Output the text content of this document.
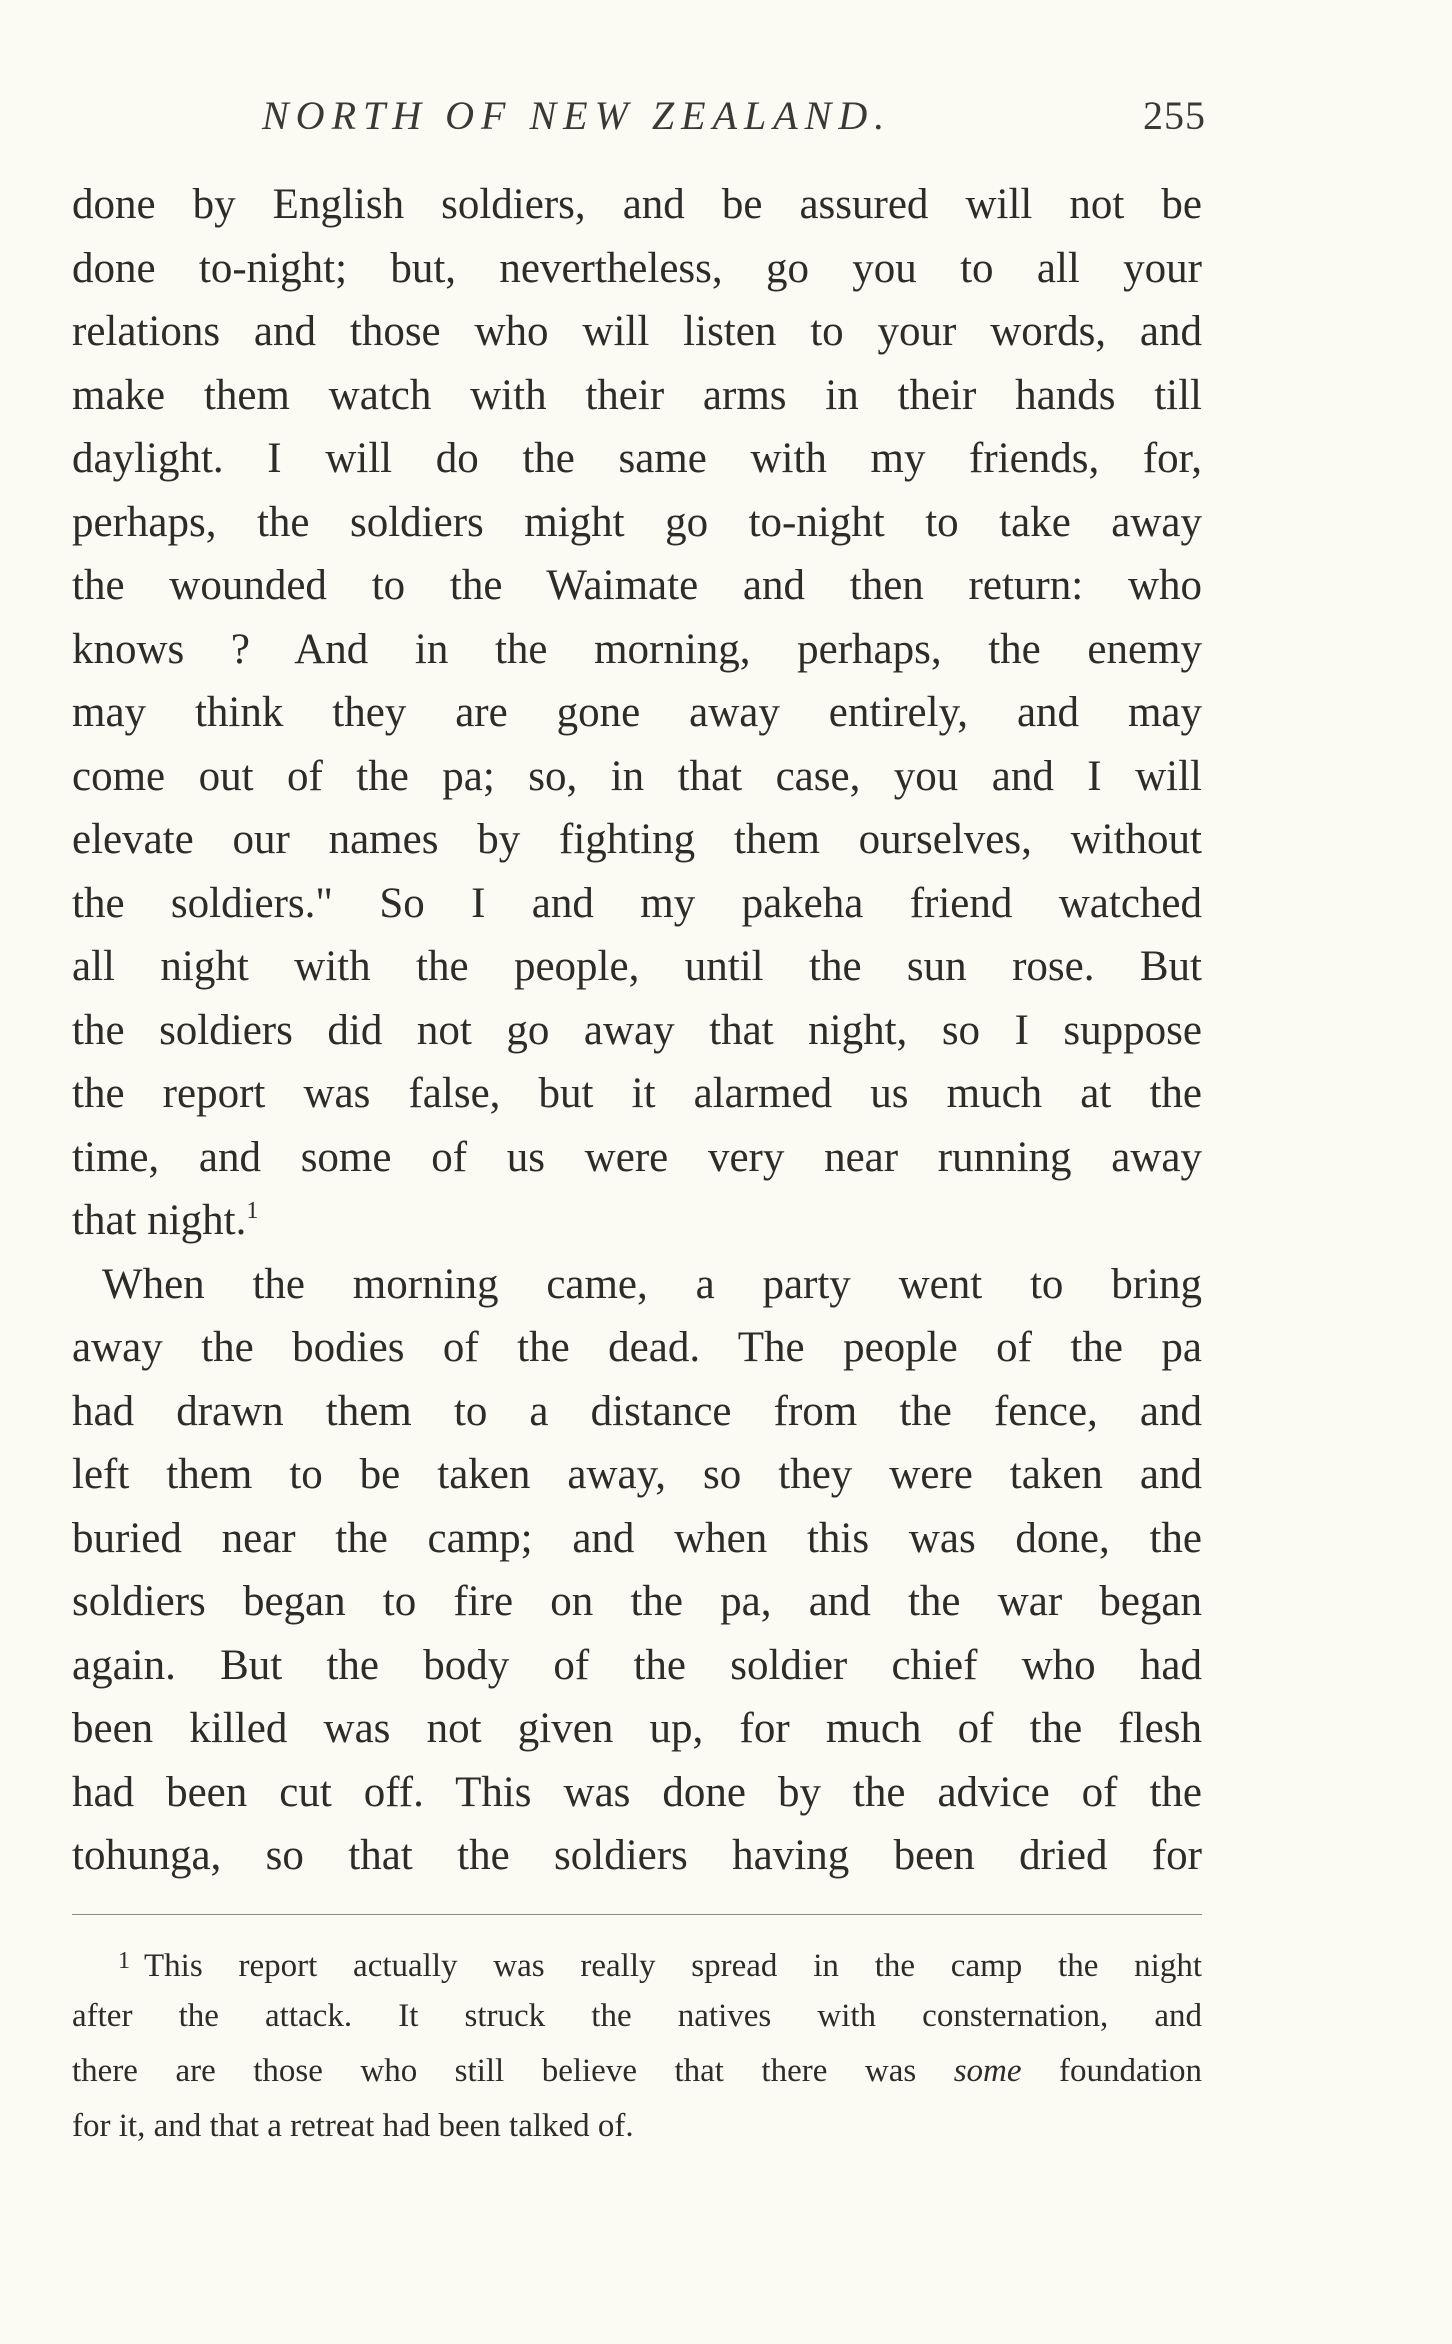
NORTH OF NEW ZEALAND.	255
done by English soldiers, and be assured will not be
done to-night; but, nevertheless, go you to all your
relations and those who will listen to your words, and
make them watch with their arms in their hands till
daylight. I will do the same with my friends, for,
perhaps, the soldiers might go to-night to take away
the wounded to the Waimate and then return: who
knows ? And in the morning, perhaps, the enemy
may think they are gone away entirely, and may
come out of the pa; so, in that case, you and I will
elevate our names by fighting them ourselves, without
the soldiers." So I and my pakeha friend watched
all night with the people, until the sun rose. But
the soldiers did not go away that night, so I suppose
the report was false, but it alarmed us much at the
time, and some of us were very near running away
that night.$^1$
When the morning came, a party went to bring
away the bodies of the dead. The people of the pa
had drawn them to a distance from the fence, and
left them to be taken away, so they were taken and
buried near the camp; and when this was done, the
soldiers began to fire on the pa, and the war began
again. But the body of the soldier chief who had
been killed was not given up, for much of the flesh
had been cut off. This was done by the advice of the
tohunga, so that the soldiers having been dried for
$^1$ This report actually was really spread in the camp the night
after the attack. It struck the natives with consternation, and
there are those who still believe that there was some foundation
for it, and that a retreat had been talked of.
